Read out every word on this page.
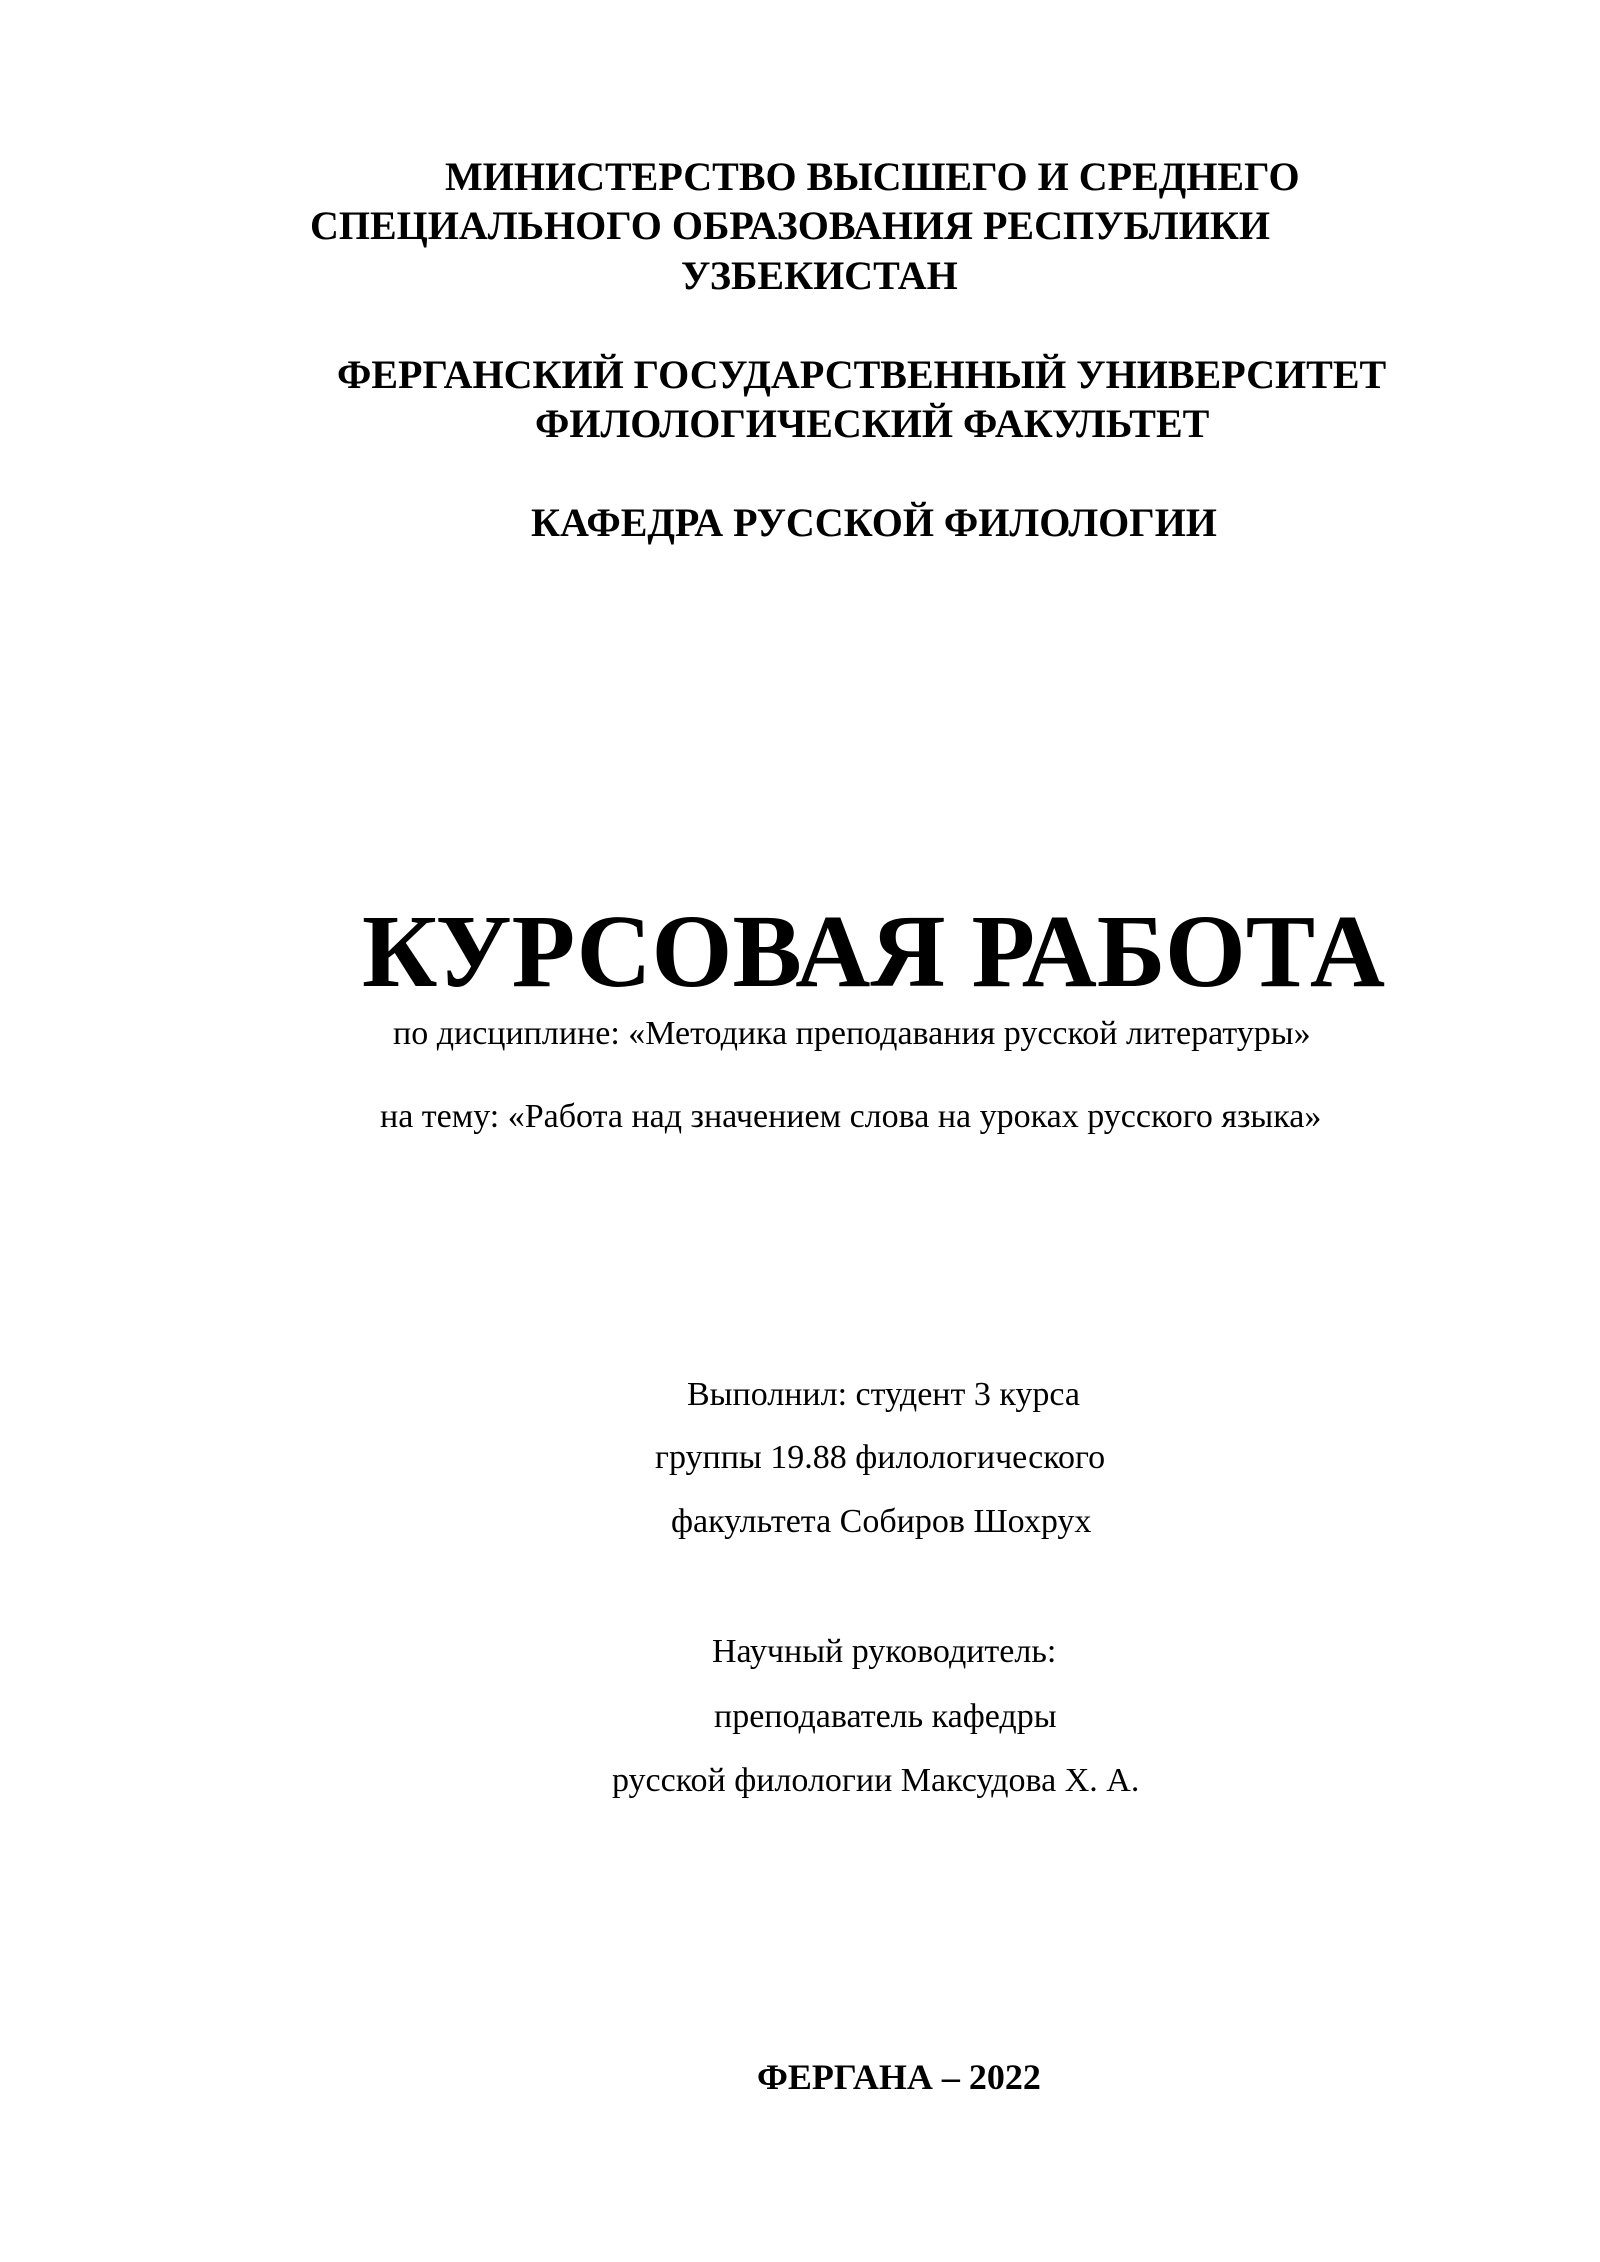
МИНИСТЕРСТВО ВЫСШЕГО И СРЕДНЕГО
СПЕЦИАЛЬНОГО ОБРАЗОВАНИЯ РЕСПУБЛИКИ
УЗБЕКИСТАН
ФЕРГАНСКИЙ ГОСУДАРСТВЕННЫЙ УНИВЕРСИТЕТ
ФИЛОЛОГИЧЕСКИЙ ФАКУЛЬТЕТ
КАФЕДРА РУССКОЙ ФИЛОЛОГИИ
КУРСОВАЯ РАБОТА
по дисциплине: «Методика преподавания русской литературы»
на тему: «Работа над значением слова на уроках русского языка»
Выполнил: студент 3 курса
группы 19.88 филологического
факультета Собиров Шохрух
Научный руководитель:
преподаватель кафедры
русской филологии Максудова Х. А.
ФЕРГАНА – 2022
